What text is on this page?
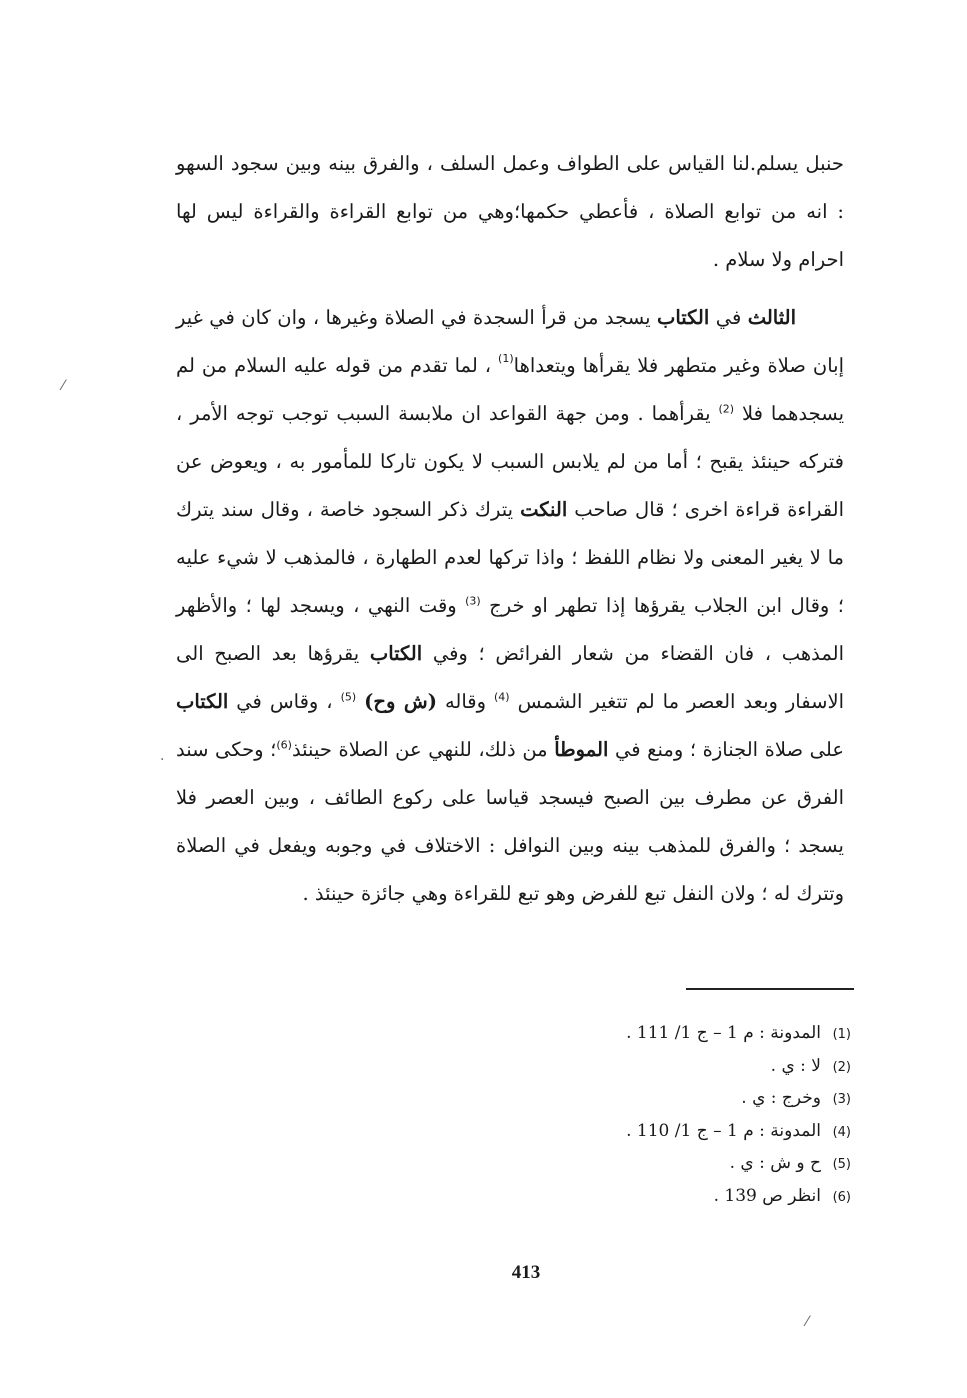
حنبل يسلم.لنا القياس على الطواف وعمل السلف ، والفرق بينه وبين سجود السهو : انه من توابع الصلاة ، فأعطي حكمها؛وهي من توابع القراءة والقراءة ليس لها احرام ولا سلام .

الثالث في الكتاب يسجد من قرأ السجدة في الصلاة وغيرها ، وان كان في غير إبان صلاة وغير متطهر فلا يقرأها ويتعداها$^{(1)}$ ، لما تقدم من قوله عليه السلام من لم يسجدهما فلا $^{(2)}$ يقرأهما . ومن جهة القواعد ان ملابسة السبب توجب توجه الأمر ، فتركه حينئذ يقبح ؛ أما من لم يلابس السبب لا يكون تاركا للمأمور به ، ويعوض عن القراءة قراءة اخرى ؛ قال صاحب النكت يترك ذكر السجود خاصة ، وقال سند يترك ما لا يغير المعنى ولا نظام اللفظ ؛ واذا تركها لعدم الطهارة ، فالمذهب لا شيء عليه ؛ وقال ابن الجلاب يقرؤها إذا تطهر او خرج $^{(3)}$ وقت النهي ، ويسجد لها ؛ والأظهر المذهب ، فان القضاء من شعار الفرائض ؛ وفي الكتاب يقرؤها بعد الصبح الى الاسفار وبعد العصر ما لم تتغير الشمس $^{(4)}$ وقاله (ش وح) $^{(5)}$ ، وقاس في الكتاب على صلاة الجنازة ؛ ومنع في الموطأ من ذلك، للنهي عن الصلاة حينئذ$^{(6)}$؛ وحكى سند الفرق عن مطرف بين الصبح فيسجد قياسا على ركوع الطائف ، وبين العصر فلا يسجد ؛ والفرق للمذهب بينه وبين النوافل : الاختلاف في وجوبه ويفعل في الصلاة وتترك له ؛ ولان النفل تبع للفرض وهو تبع للقراءة وهي جائزة حينئذ .

(1)المدونة : م 1 – ج 1/ 111 .
(2)لا : ي .
(3)وخرج : ي .
(4)المدونة : م 1 – ج 1/ 110 .
(5)ح و ش : ي .
(6)انظر ص 139 .
413
⁄
·
⁄
